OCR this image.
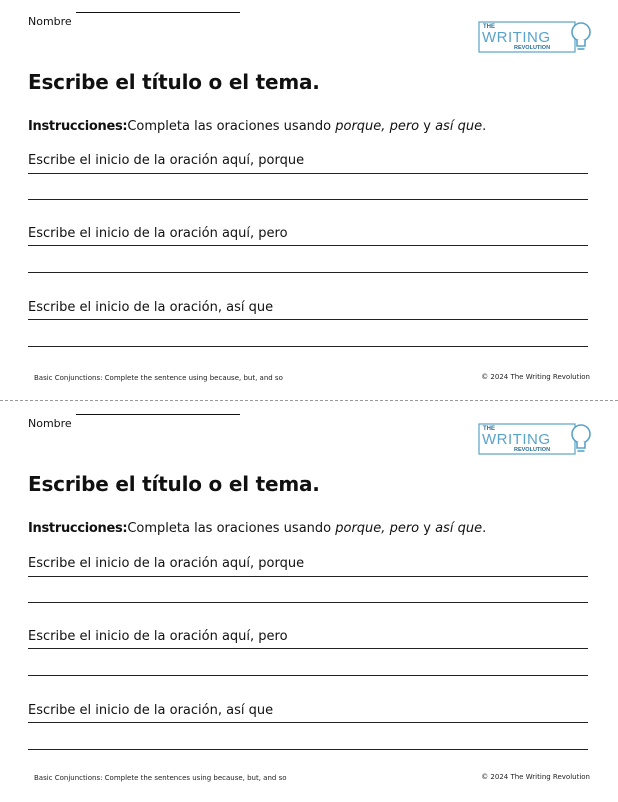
Nombre	THE
WRITING
REVOLUTION
Escribe el título o el tema.
Instrucciones:Completa las oraciones usando porque, pero y así que.
Escribe el inicio de la oración aquí, porque
Escribe el inicio de la oración aquí, pero
Escribe el inicio de la oración, así que
Basic Conjunctions: Complete the sentence using because, but, and so	© 2024 The Writing Revolution
Nombre	THE
WRITING
REVOLUTION
Escribe el título o el tema.
Instrucciones:Completa las oraciones usando porque, pero y así que.
Escribe el inicio de la oración aquí, porque
Escribe el inicio de la oración aquí, pero
Escribe el inicio de la oración, así que
Basic Conjunctions: Complete the sentences using because, but, and so	© 2024 The Writing Revolution
